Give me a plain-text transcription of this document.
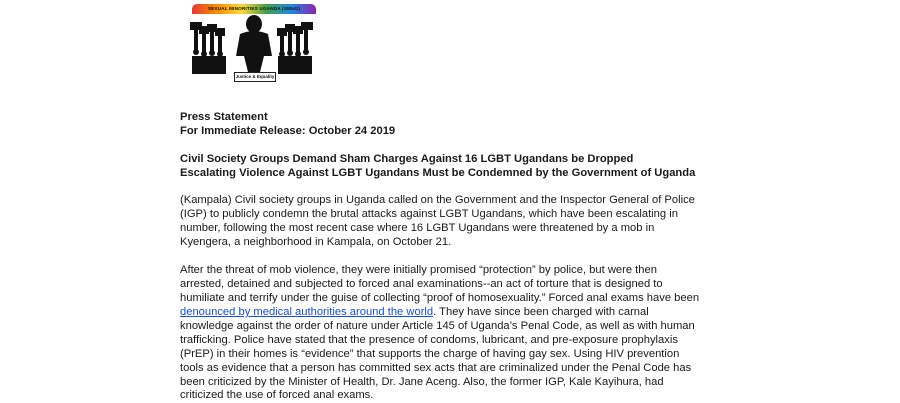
SEXUAL MINORITIES UGANDA (SMUG)
Justice & Equality
Press Statement
For Immediate Release: October 24 2019
Civil Society Groups Demand Sham Charges Against 16 LGBT Ugandans be Dropped
Escalating Violence Against LGBT Ugandans Must be Condemned by the Government of Uganda
(Kampala) Civil society groups in Uganda called on the Government and the Inspector General of Police
(IGP) to publicly condemn the brutal attacks against LGBT Ugandans, which have been escalating in
number, following the most recent case where 16 LGBT Ugandans were threatened by a mob in
Kyengera, a neighborhood in Kampala, on October 21.
After the threat of mob violence, they were initially promised “protection” by police, but were then
arrested, detained and subjected to forced anal examinations--an act of torture that is designed to
humiliate and terrify under the guise of collecting “proof of homosexuality.” Forced anal exams have been
denounced by medical authorities around the world. They have since been charged with carnal
knowledge against the order of nature under Article 145 of Uganda’s Penal Code, as well as with human
trafficking. Police have stated that the presence of condoms, lubricant, and pre-exposure prophylaxis
(PrEP) in their homes is “evidence” that supports the charge of having gay sex. Using HIV prevention
tools as evidence that a person has committed sex acts that are criminalized under the Penal Code has
been criticized by the Minister of Health, Dr. Jane Aceng. Also, the former IGP, Kale Kayihura, had
criticized the use of forced anal exams.
